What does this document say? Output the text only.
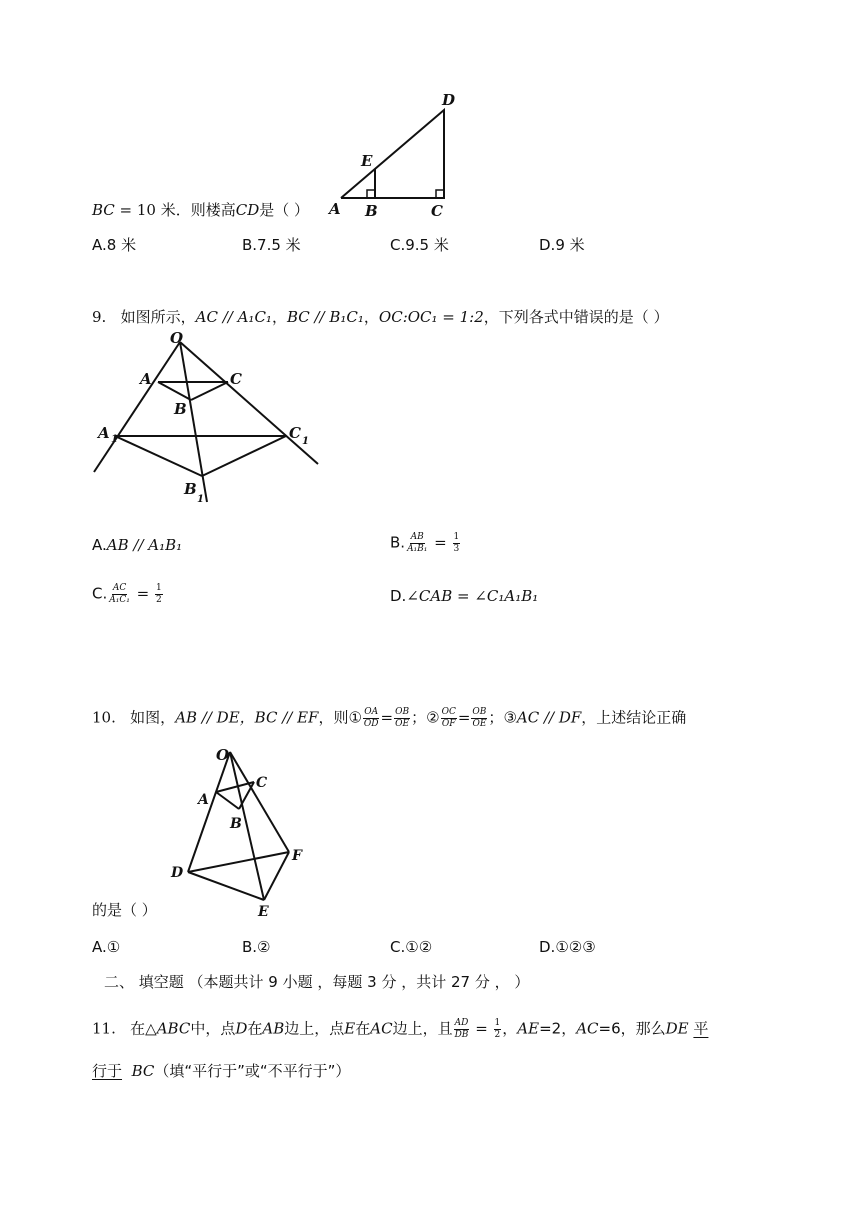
A B	C
D
E
BC = 10 米．则楼高CD是（ ）
A.8 米	B.7.5 米	C.9.5 米	D.9 米
9. 如图所示，AC // A₁C₁，BC // B₁C₁，OC:OC₁ = 1:2，下列各式中错误的是（ ）
O
A	C
B
A 1	C 1
B
1
A.AB // A₁B₁	B. $\frac{AB}{\text{A₁B₁}} = \frac{1}{3}$
C. $\frac{AC}{\text{A₁C₁}} = \frac{1}{2}$	D.∠CAB = ∠C₁A₁B₁
10. 如图，AB // DE，BC // EF，则① $\frac{OA}{OD} = \frac{OB}{OE}$ ；② $\frac{OC}{OF} = \frac{OB}{OE}$ ；③AC // DF，上述结论正确
O
A
C
B
D
F
E
的是（ ）
A.①	B.②	C.①②	D.①②③
二、 填空题 （本题共计 9 小题 ，每题 3 分 ，共计 27 分 ， ）
11. 在△ABC中，点D在AB边上，点E在AC边上，且 $\frac{AD}{DB} = \frac{1}{2}$ ，AE=2，AC=6，那么DE 平
行于 BC（填“平行于”或“不平行于”）
